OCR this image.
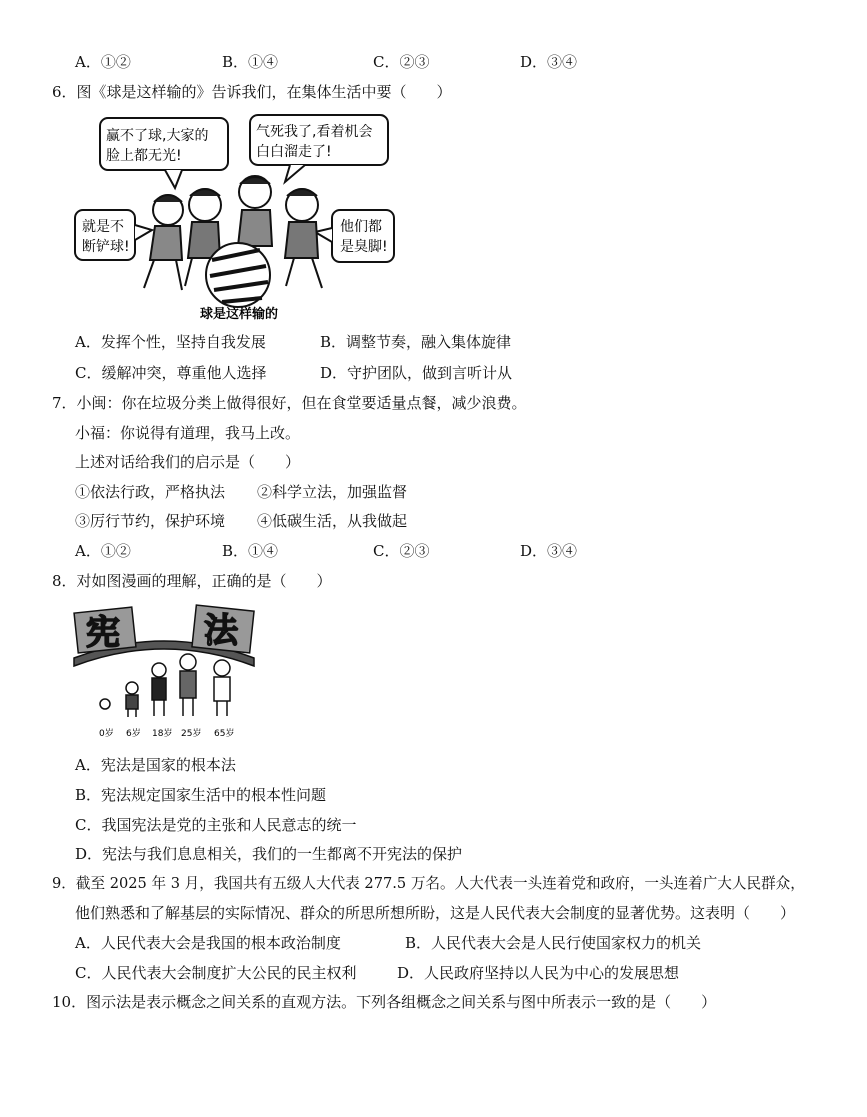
A．①②	B．①④	C．②③	D．③④
6．图《球是这样输的》告诉我们，在集体生活中要（　　）
赢不了球,大家的
脸上都无光!
气死我了,看着机会
白白溜走了!
就是不
断铲球!
他们都
是臭脚!
球是这样输的
A．发挥个性，坚持自我发展	B．调整节奏，融入集体旋律
C．缓解冲突，尊重他人选择	D．守护团队，做到言听计从
7．小闽：你在垃圾分类上做得很好，但在食堂要适量点餐，减少浪费。
小福：你说得有道理，我马上改。
上述对话给我们的启示是（　　）
①依法行政，严格执法 ②科学立法，加强监督
③厉行节约，保护环境 ④低碳生活，从我做起
A．①②	B．①④	C．②③	D．③④
8．对如图漫画的理解，正确的是（　　）
宪 法
0岁 6岁 18岁 25岁 65岁
A．宪法是国家的根本法
B．宪法规定国家生活中的根本性问题
C．我国宪法是党的主张和人民意志的统一
D．宪法与我们息息相关，我们的一生都离不开宪法的保护
9．截至 2025 年 3 月，我国共有五级人大代表 277.5 万名。人大代表一头连着党和政府，一头连着广大人民群众，
他们熟悉和了解基层的实际情况、群众的所思所想所盼，这是人民代表大会制度的显著优势。这表明（　　）
A．人民代表大会是我国的根本政治制度	B．人民代表大会是人民行使国家权力的机关
C．人民代表大会制度扩大公民的民主权利	D．人民政府坚持以人民为中心的发展思想
10．图示法是表示概念之间关系的直观方法。下列各组概念之间关系与图中所表示一致的是（　　）
